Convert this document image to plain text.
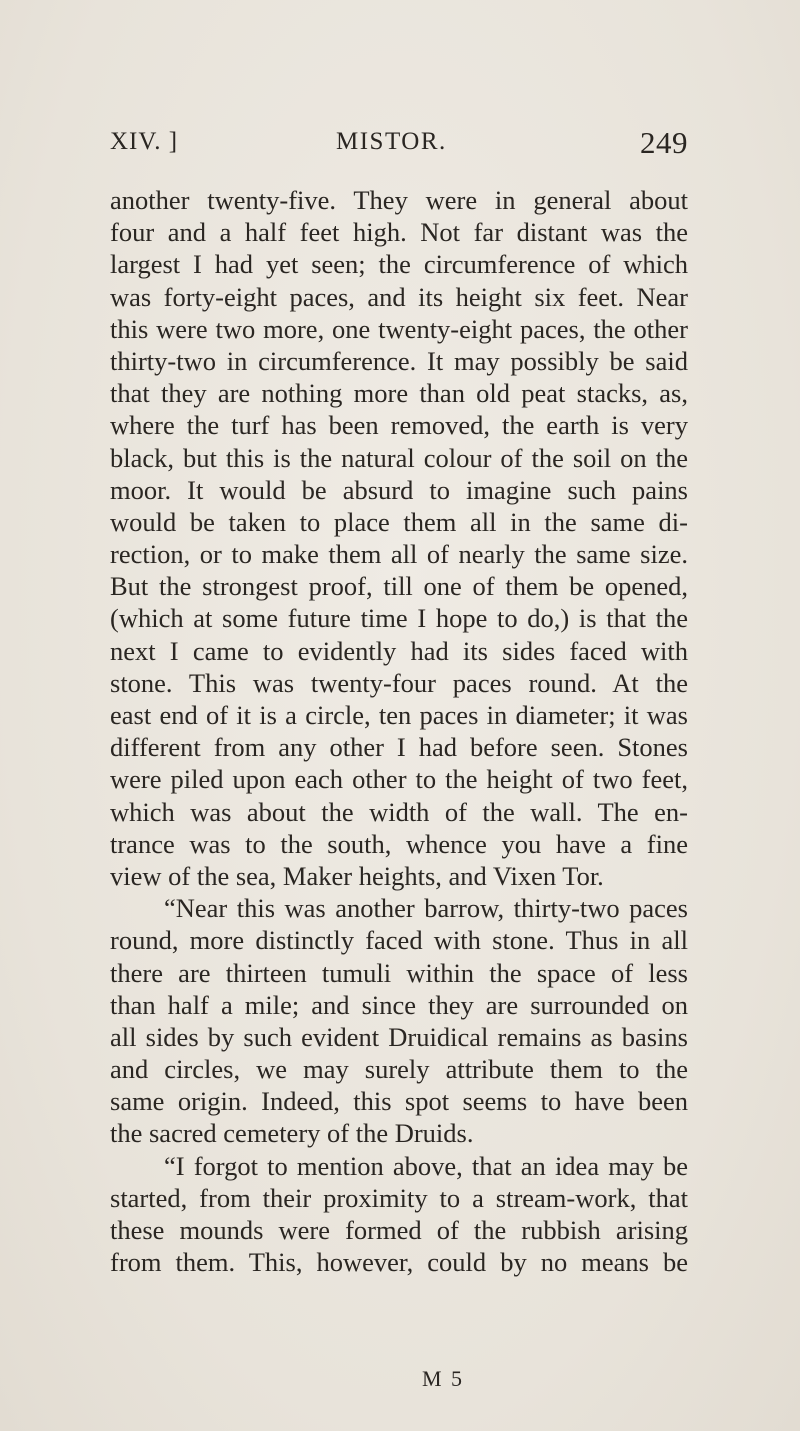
XIV. ]	MISTOR.	249
another twenty-five. They were in general about
four and a half feet high. Not far distant was the
largest I had yet seen; the circumference of which
was forty-eight paces, and its height six feet. Near
this were two more, one twenty-eight paces, the other
thirty-two in circumference. It may possibly be said
that they are nothing more than old peat stacks, as,
where the turf has been removed, the earth is very
black, but this is the natural colour of the soil on the
moor. It would be absurd to imagine such pains
would be taken to place them all in the same di-
rection, or to make them all of nearly the same size.
But the strongest proof, till one of them be opened,
(which at some future time I hope to do,) is that the
next I came to evidently had its sides faced with
stone. This was twenty-four paces round. At the
east end of it is a circle, ten paces in diameter; it was
different from any other I had before seen. Stones
were piled upon each other to the height of two feet,
which was about the width of the wall. The en-
trance was to the south, whence you have a fine
view of the sea, Maker heights, and Vixen Tor.
“Near this was another barrow, thirty-two paces
round, more distinctly faced with stone. Thus in all
there are thirteen tumuli within the space of less
than half a mile; and since they are surrounded on
all sides by such evident Druidical remains as basins
and circles, we may surely attribute them to the
same origin. Indeed, this spot seems to have been
the sacred cemetery of the Druids.
“I forgot to mention above, that an idea may be
started, from their proximity to a stream-work, that
these mounds were formed of the rubbish arising
from them. This, however, could by no means be
M 5
